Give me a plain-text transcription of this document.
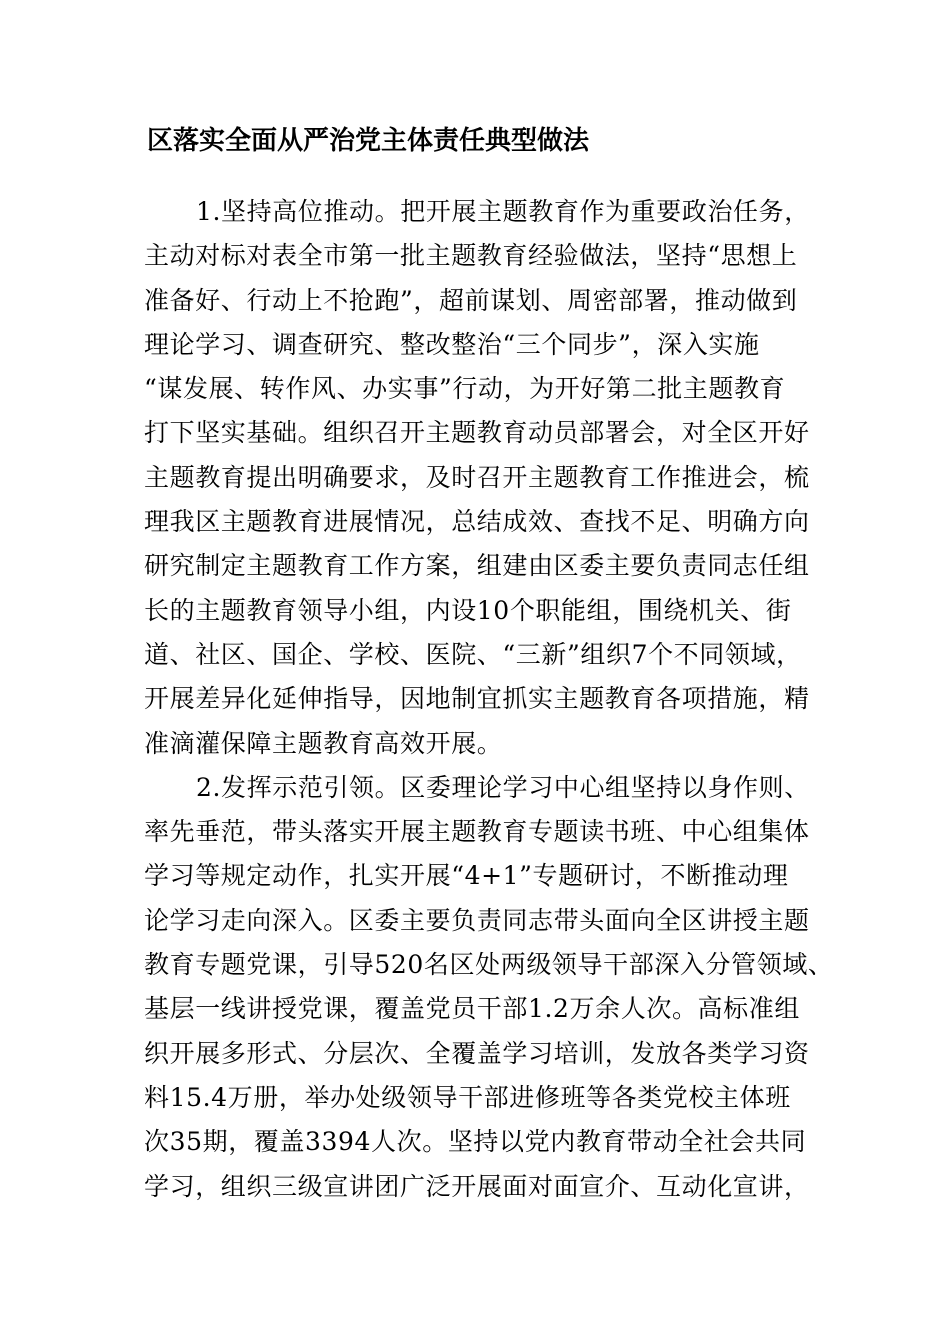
区落实全面从严治党主体责任典型做法
1.坚持高位推动。把开展主题教育作为重要政治任务，
主动对标对表全市第一批主题教育经验做法，坚持“思想上
准备好、行动上不抢跑”，超前谋划、周密部署，推动做到
理论学习、调查研究、整改整治“三个同步”，深入实施
“谋发展、转作风、办实事”行动，为开好第二批主题教育
打下坚实基础。组织召开主题教育动员部署会，对全区开好
主题教育提出明确要求，及时召开主题教育工作推进会，梳
理我区主题教育进展情况，总结成效、查找不足、明确方向
研究制定主题教育工作方案，组建由区委主要负责同志任组
长的主题教育领导小组，内设10个职能组，围绕机关、街
道、社区、国企、学校、医院、“三新”组织7个不同领域，
开展差异化延伸指导，因地制宜抓实主题教育各项措施，精
准滴灌保障主题教育高效开展。
2.发挥示范引领。区委理论学习中心组坚持以身作则、
率先垂范，带头落实开展主题教育专题读书班、中心组集体
学习等规定动作，扎实开展“4+1”专题研讨，不断推动理
论学习走向深入。区委主要负责同志带头面向全区讲授主题
教育专题党课，引导520名区处两级领导干部深入分管领域、
基层一线讲授党课，覆盖党员干部1.2万余人次。高标准组
织开展多形式、分层次、全覆盖学习培训，发放各类学习资
料15.4万册，举办处级领导干部进修班等各类党校主体班
次35期，覆盖3394人次。坚持以党内教育带动全社会共同
学习，组织三级宣讲团广泛开展面对面宣介、互动化宣讲，
